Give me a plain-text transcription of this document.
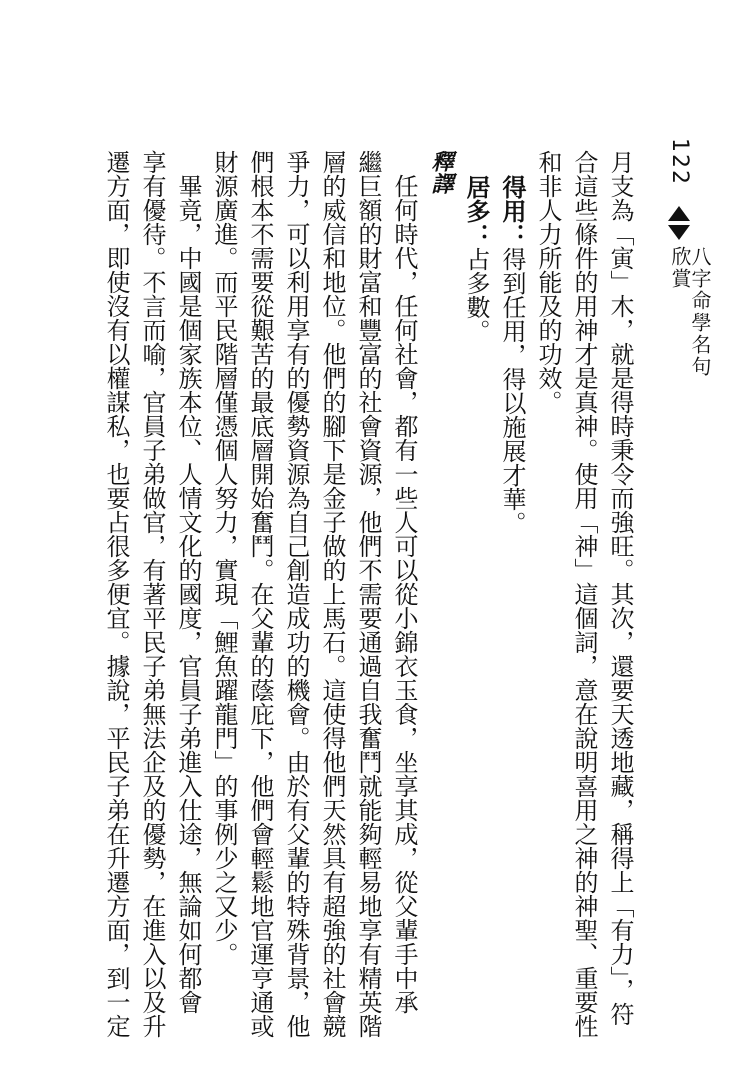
122
八字命學名句欣賞
月支為「寅」木，就是得時秉令而強旺。其次，還要天透地藏，稱得上「有力」，符
合這些條件的用神才是真神。使用「神」這個詞，意在說明喜用之神的神聖、重要性
和非人力所能及的功效。
得用：得到任用，得以施展才華。
居多：占多數。
釋譯
　任何時代，任何社會，都有一些人可以從小錦衣玉食，坐享其成，從父輩手中承
繼巨額的財富和豐富的社會資源，他們不需要通過自我奮鬥就能夠輕易地享有精英階
層的威信和地位。他們的腳下是金子做的上馬石。這使得他們天然具有超強的社會競
爭力，可以利用享有的優勢資源為自己創造成功的機會。由於有父輩的特殊背景，他
們根本不需要從艱苦的最底層開始奮鬥。在父輩的蔭庇下，他們會輕鬆地官運亨通或
財源廣進。而平民階層僅憑個人努力，實現「鯉魚躍龍門」的事例少之又少。
　畢竟，中國是個家族本位、人情文化的國度，官員子弟進入仕途，無論如何都會
享有優待。不言而喻，官員子弟做官，有著平民子弟無法企及的優勢，在進入以及升
遷方面，即使沒有以權謀私，也要占很多便宜。據說，平民子弟在升遷方面，到一定
